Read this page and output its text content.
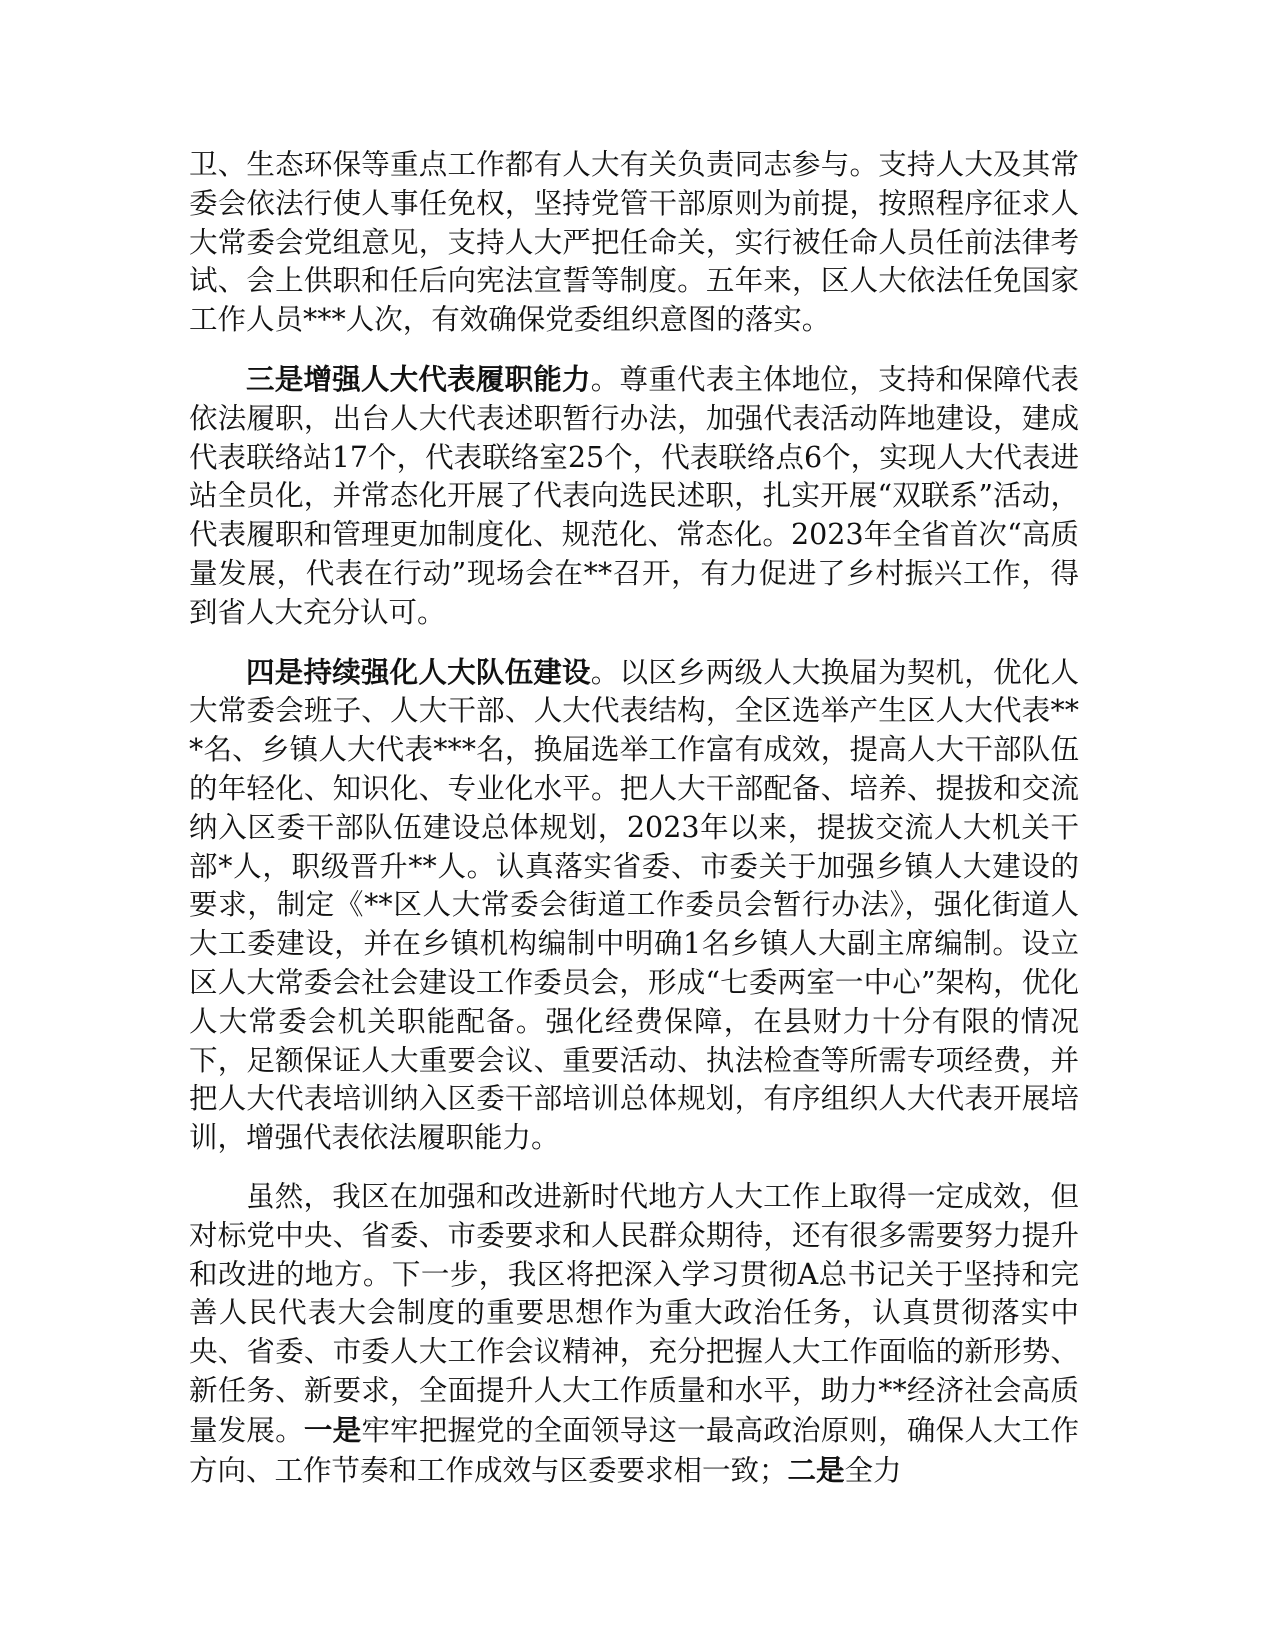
卫、生态环保等重点工作都有人大有关负责同志参与。支持人大及其常委会依法行使人事任免权，坚持党管干部原则为前提，按照程序征求人大常委会党组意见，支持人大严把任命关，实行被任命人员任前法律考试、会上供职和任后向宪法宣誓等制度。五年来，区人大依法任免国家工作人员***人次，有效确保党委组织意图的落实。

三是增强人大代表履职能力。尊重代表主体地位，支持和保障代表依法履职，出台人大代表述职暂行办法，加强代表活动阵地建设，建成代表联络站17个，代表联络室25个，代表联络点6个，实现人大代表进站全员化，并常态化开展了代表向选民述职，扎实开展“双联系”活动，代表履职和管理更加制度化、规范化、常态化。2023年全省首次“高质量发展，代表在行动”现场会在**召开，有力促进了乡村振兴工作，得到省人大充分认可。

四是持续强化人大队伍建设。以区乡两级人大换届为契机，优化人大常委会班子、人大干部、人大代表结构，全区选举产生区人大代表***名、乡镇人大代表***名，换届选举工作富有成效，提高人大干部队伍的年轻化、知识化、专业化水平。把人大干部配备、培养、提拔和交流纳入区委干部队伍建设总体规划，2023年以来，提拔交流人大机关干部*人，职级晋升**人。认真落实省委、市委关于加强乡镇人大建设的要求，制定《**区人大常委会街道工作委员会暂行办法》，强化街道人大工委建设，并在乡镇机构编制中明确1名乡镇人大副主席编制。设立区人大常委会社会建设工作委员会，形成“七委两室一中心”架构，优化人大常委会机关职能配备。强化经费保障，在县财力十分有限的情况下，足额保证人大重要会议、重要活动、执法检查等所需专项经费，并把人大代表培训纳入区委干部培训总体规划，有序组织人大代表开展培训，增强代表依法履职能力。

虽然，我区在加强和改进新时代地方人大工作上取得一定成效，但对标党中央、省委、市委要求和人民群众期待，还有很多需要努力提升和改进的地方。下一步，我区将把深入学习贯彻A总书记关于坚持和完善人民代表大会制度的重要思想作为重大政治任务，认真贯彻落实中央、省委、市委人大工作会议精神，充分把握人大工作面临的新形势、新任务、新要求，全面提升人大工作质量和水平，助力**经济社会高质量发展。一是牢牢把握党的全面领导这一最高政治原则，确保人大工作方向、工作节奏和工作成效与区委要求相一致；二是全力
